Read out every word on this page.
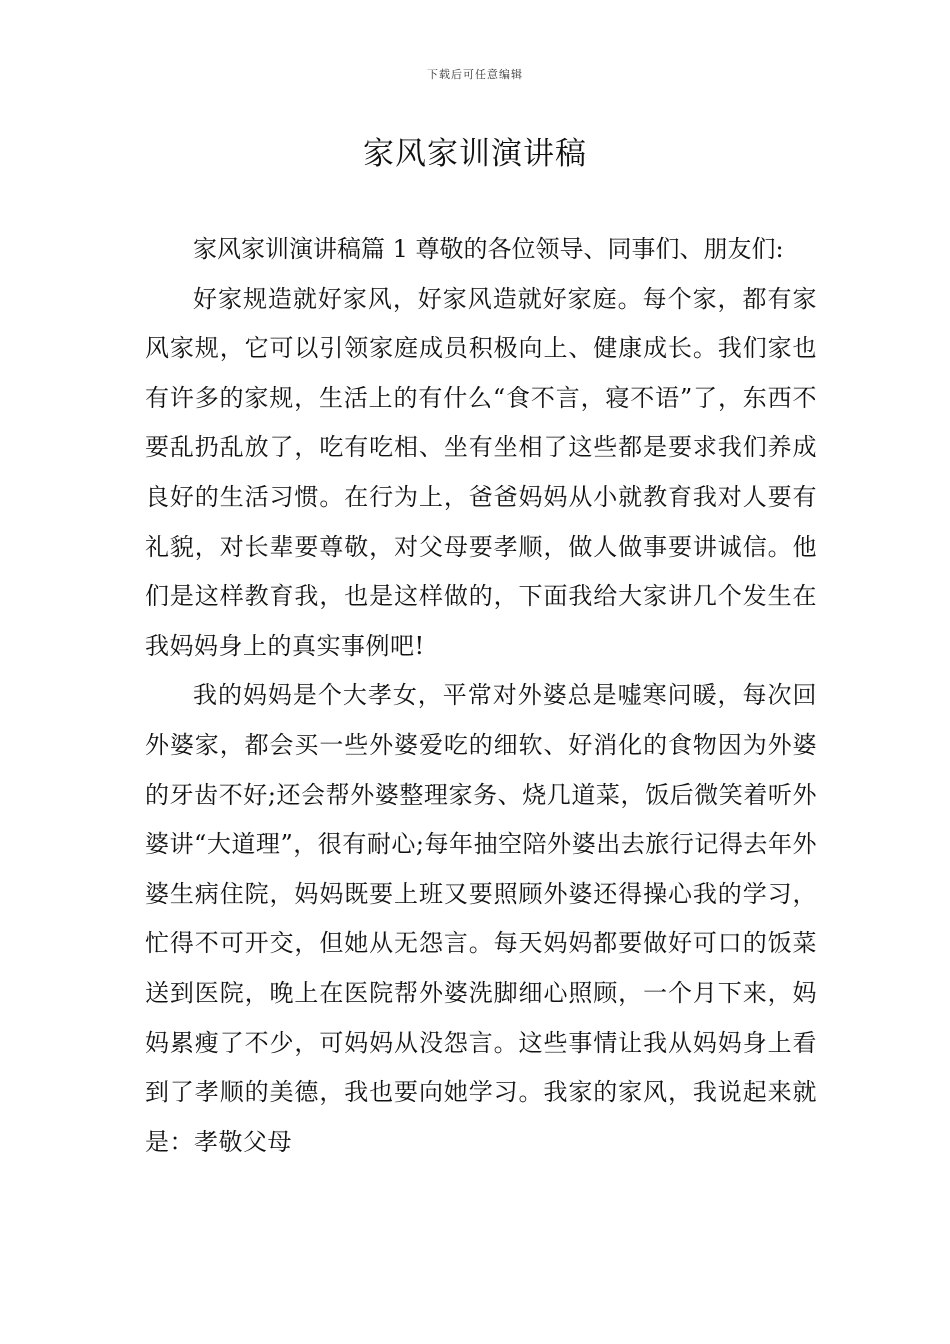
下载后可任意编辑
家风家训演讲稿

家风家训演讲稿篇 1 尊敬的各位领导、同事们、朋友们:

好家规造就好家风，好家风造就好家庭。每个家，都有家风家规，它可以引领家庭成员积极向上、健康成长。我们家也有许多的家规，生活上的有什么“食不言，寝不语”了，东西不要乱扔乱放了，吃有吃相、坐有坐相了这些都是要求我们养成良好的生活习惯。在行为上，爸爸妈妈从小就教育我对人要有礼貌，对长辈要尊敬，对父母要孝顺，做人做事要讲诚信。他们是这样教育我，也是这样做的，下面我给大家讲几个发生在我妈妈身上的真实事例吧!

我的妈妈是个大孝女，平常对外婆总是嘘寒问暖，每次回外婆家，都会买一些外婆爱吃的细软、好消化的食物因为外婆的牙齿不好;还会帮外婆整理家务、烧几道菜，饭后微笑着听外婆讲“大道理”，很有耐心;每年抽空陪外婆出去旅行记得去年外婆生病住院，妈妈既要上班又要照顾外婆还得操心我的学习，忙得不可开交，但她从无怨言。每天妈妈都要做好可口的饭菜送到医院，晚上在医院帮外婆洗脚细心照顾，一个月下来，妈妈累瘦了不少，可妈妈从没怨言。这些事情让我从妈妈身上看到了孝顺的美德，我也要向她学习。我家的家风，我说起来就是：孝敬父母
